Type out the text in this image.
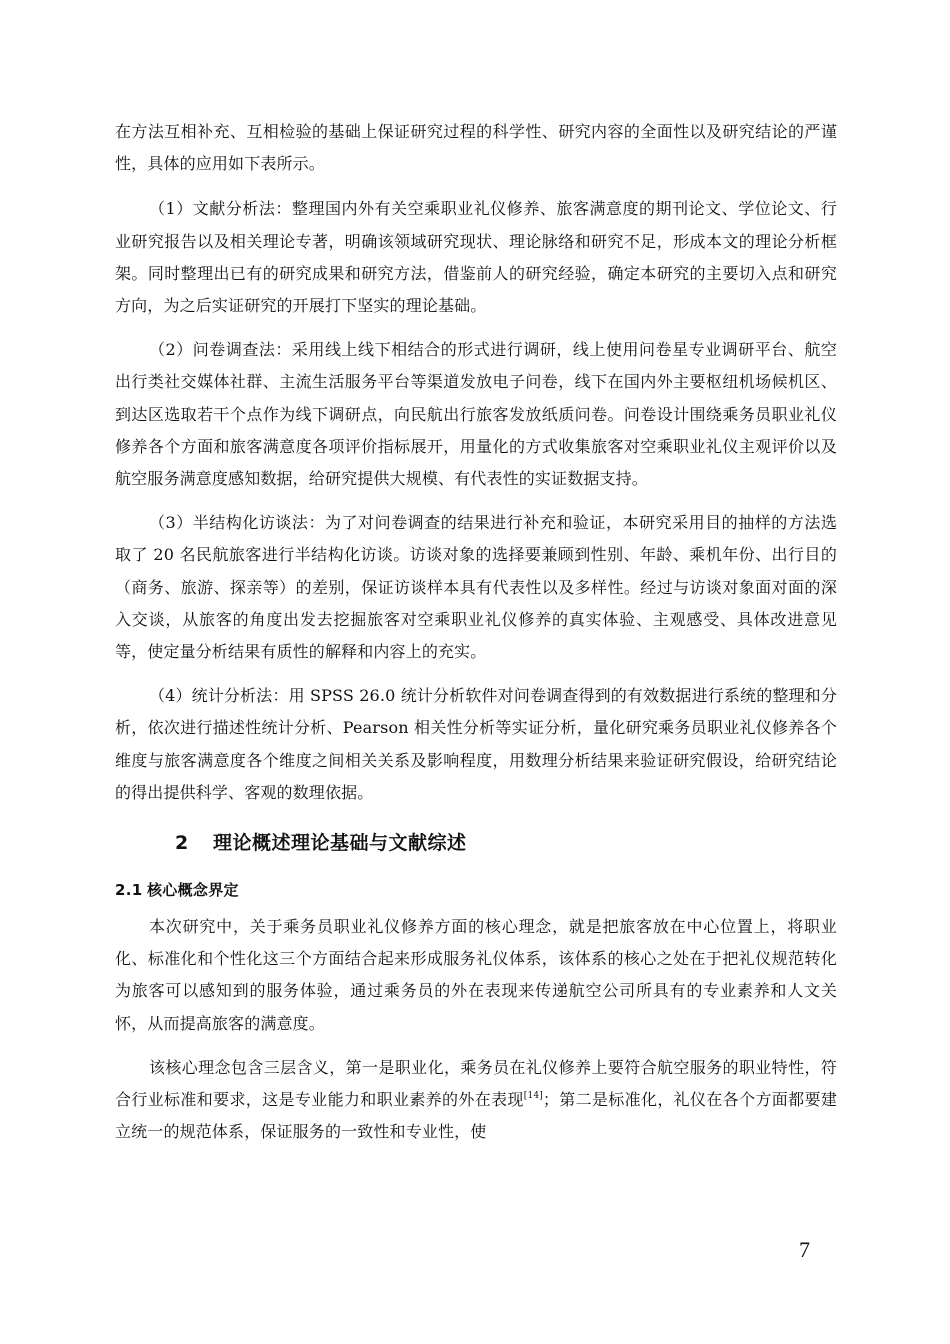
在方法互相补充、互相检验的基础上保证研究过程的科学性、研究内容的全面性以及研究结论的严谨性，具体的应用如下表所示。

（1）文献分析法：整理国内外有关空乘职业礼仪修养、旅客满意度的期刊论文、学位论文、行业研究报告以及相关理论专著，明确该领域研究现状、理论脉络和研究不足，形成本文的理论分析框架。同时整理出已有的研究成果和研究方法，借鉴前人的研究经验，确定本研究的主要切入点和研究方向，为之后实证研究的开展打下坚实的理论基础。

（2）问卷调查法：采用线上线下相结合的形式进行调研，线上使用问卷星专业调研平台、航空出行类社交媒体社群、主流生活服务平台等渠道发放电子问卷，线下在国内外主要枢纽机场候机区、到达区选取若干个点作为线下调研点，向民航出行旅客发放纸质问卷。问卷设计围绕乘务员职业礼仪修养各个方面和旅客满意度各项评价指标展开，用量化的方式收集旅客对空乘职业礼仪主观评价以及航空服务满意度感知数据，给研究提供大规模、有代表性的实证数据支持。

（3）半结构化访谈法：为了对问卷调查的结果进行补充和验证，本研究采用目的抽样的方法选取了 20 名民航旅客进行半结构化访谈。访谈对象的选择要兼顾到性别、年龄、乘机年份、出行目的（商务、旅游、探亲等）的差别，保证访谈样本具有代表性以及多样性。经过与访谈对象面对面的深入交谈，从旅客的角度出发去挖掘旅客对空乘职业礼仪修养的真实体验、主观感受、具体改进意见等，使定量分析结果有质性的解释和内容上的充实。

（4）统计分析法：用 SPSS 26.0 统计分析软件对问卷调查得到的有效数据进行系统的整理和分析，依次进行描述性统计分析、Pearson 相关性分析等实证分析，量化研究乘务员职业礼仪修养各个维度与旅客满意度各个维度之间相关关系及影响程度，用数理分析结果来验证研究假设，给研究结论的得出提供科学、客观的数理依据。

2 理论概述理论基础与文献综述
2.1 核心概念界定

本次研究中，关于乘务员职业礼仪修养方面的核心理念，就是把旅客放在中心位置上，将职业化、标准化和个性化这三个方面结合起来形成服务礼仪体系，该体系的核心之处在于把礼仪规范转化为旅客可以感知到的服务体验，通过乘务员的外在表现来传递航空公司所具有的专业素养和人文关怀，从而提高旅客的满意度。

该核心理念包含三层含义，第一是职业化，乘务员在礼仪修养上要符合航空服务的职业特性，符合行业标准和要求，这是专业能力和职业素养的外在表现[14]；第二是标准化，礼仪在各个方面都要建立统一的规范体系，保证服务的一致性和专业性，使

7
